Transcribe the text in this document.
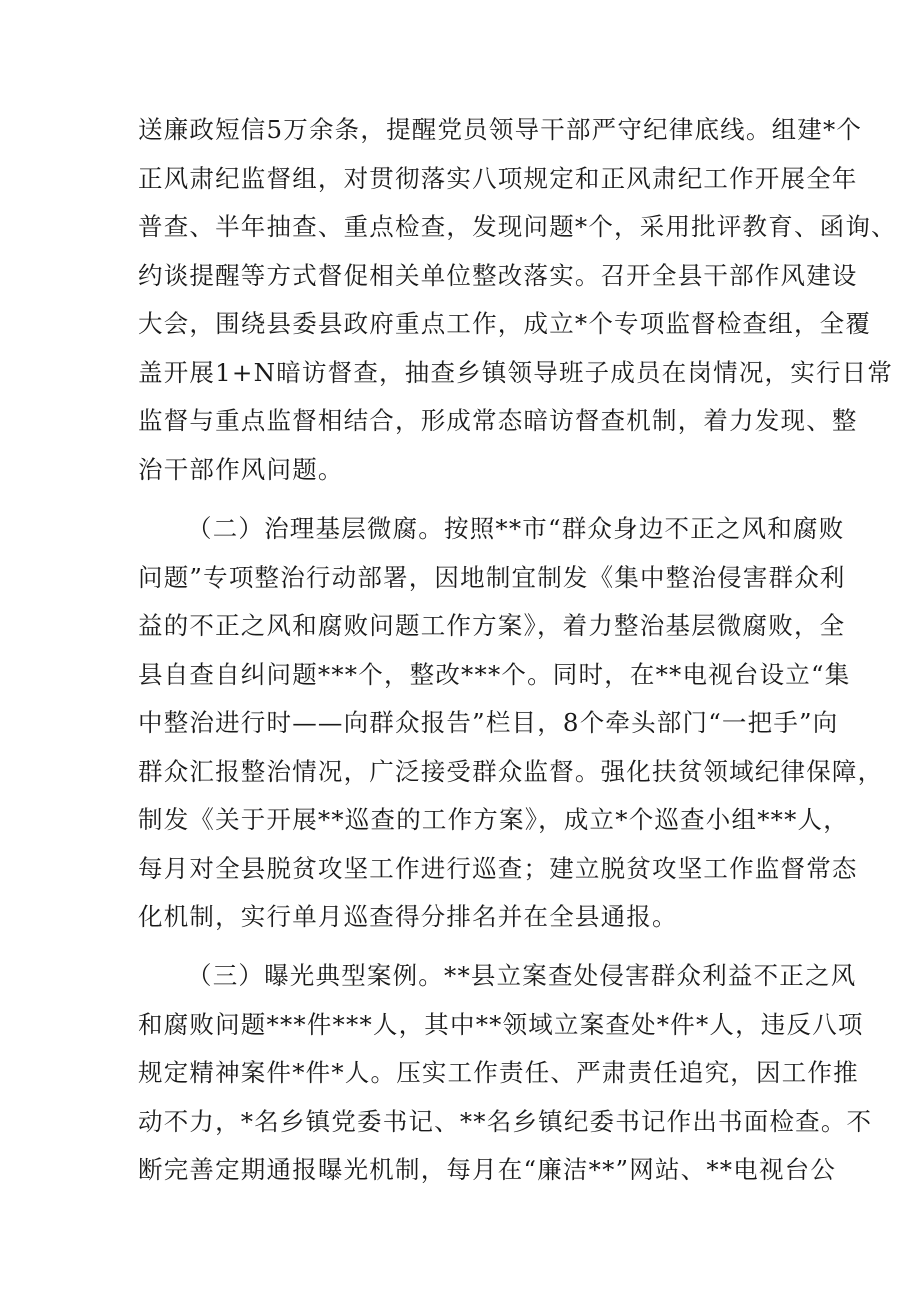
送廉政短信5万余条，提醒党员领导干部严守纪律底线。组建*个
正风肃纪监督组，对贯彻落实八项规定和正风肃纪工作开展全年
普查、半年抽查、重点检查，发现问题*个，采用批评教育、函询、
约谈提醒等方式督促相关单位整改落实。召开全县干部作风建设
大会，围绕县委县政府重点工作，成立*个专项监督检查组，全覆
盖开展1+N暗访督查，抽查乡镇领导班子成员在岗情况，实行日常
监督与重点监督相结合，形成常态暗访督查机制，着力发现、整
治干部作风问题。
（二）治理基层微腐。按照**市“群众身边不正之风和腐败
问题”专项整治行动部署，因地制宜制发《集中整治侵害群众利
益的不正之风和腐败问题工作方案》，着力整治基层微腐败，全
县自查自纠问题***个，整改***个。同时，在**电视台设立“集
中整治进行时——向群众报告”栏目，8个牵头部门“一把手”向
群众汇报整治情况，广泛接受群众监督。强化扶贫领域纪律保障，
制发《关于开展**巡查的工作方案》，成立*个巡查小组***人，
每月对全县脱贫攻坚工作进行巡查；建立脱贫攻坚工作监督常态
化机制，实行单月巡查得分排名并在全县通报。
（三）曝光典型案例。**县立案查处侵害群众利益不正之风
和腐败问题***件***人，其中**领域立案查处*件*人，违反八项
规定精神案件*件*人。压实工作责任、严肃责任追究，因工作推
动不力，*名乡镇党委书记、**名乡镇纪委书记作出书面检查。不
断完善定期通报曝光机制，每月在“廉洁**”网站、**电视台公
